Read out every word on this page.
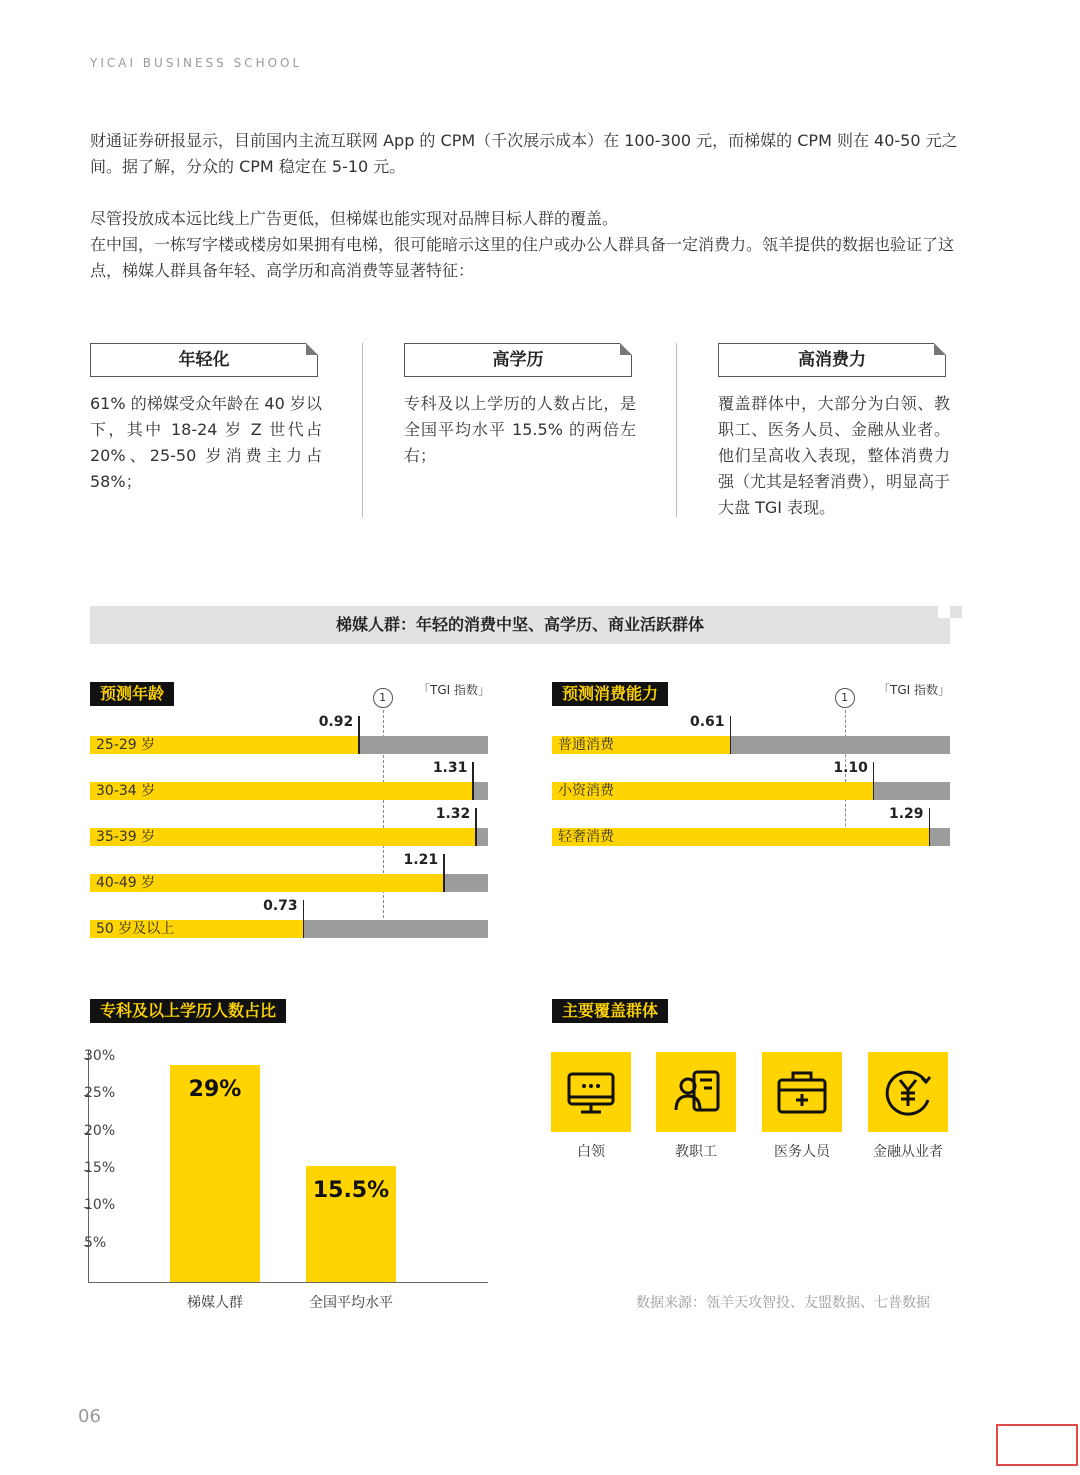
YICAI BUSINESS SCHOOL
财通证券研报显示，目前国内主流互联网 App 的 CPM（千次展示成本）在 100-300 元，而梯媒的 CPM 则在 40-50 元之间。据了解，分众的 CPM 稳定在 5-10 元。
尽管投放成本远比线上广告更低，但梯媒也能实现对品牌目标人群的覆盖。
在中国，一栋写字楼或楼房如果拥有电梯，很可能暗示这里的住户或办公人群具备一定消费力。瓴羊提供的数据也验证了这点，梯媒人群具备年轻、高学历和高消费等显著特征：
年轻化
61% 的梯媒受众年龄在 40 岁以下，其中 18-24 岁 Z 世代占 20%、25-50 岁消费主力占 58%；
高学历
专科及以上学历的人数占比，是全国平均水平 15.5% 的两倍左右；
高消费力
覆盖群体中，大部分为白领、教职工、医务人员、金融从业者。他们呈高收入表现，整体消费力强（尤其是轻奢消费），明显高于大盘 TGI 表现。
梯媒人群：年轻的消费中坚、高学历、商业活跃群体
预测年龄	「TGI 指数」
1
0.92
25-29 岁
1.31
30-34 岁
1.32
35-39 岁
1.21
40-49 岁
0.73
50 岁及以上
预测消费能力	「TGI 指数」
1
0.61
普通消费
1.10
小资消费
1.29
轻奢消费
专科及以上学历人数占比
30%
25%
20%
15%
10%
5%
29%
梯媒人群
15.5%
全国平均水平
主要覆盖群体
白领	教职工	医务人员	金融从业者
数据来源：瓴羊天攻智投、友盟数据、七普数据
06
